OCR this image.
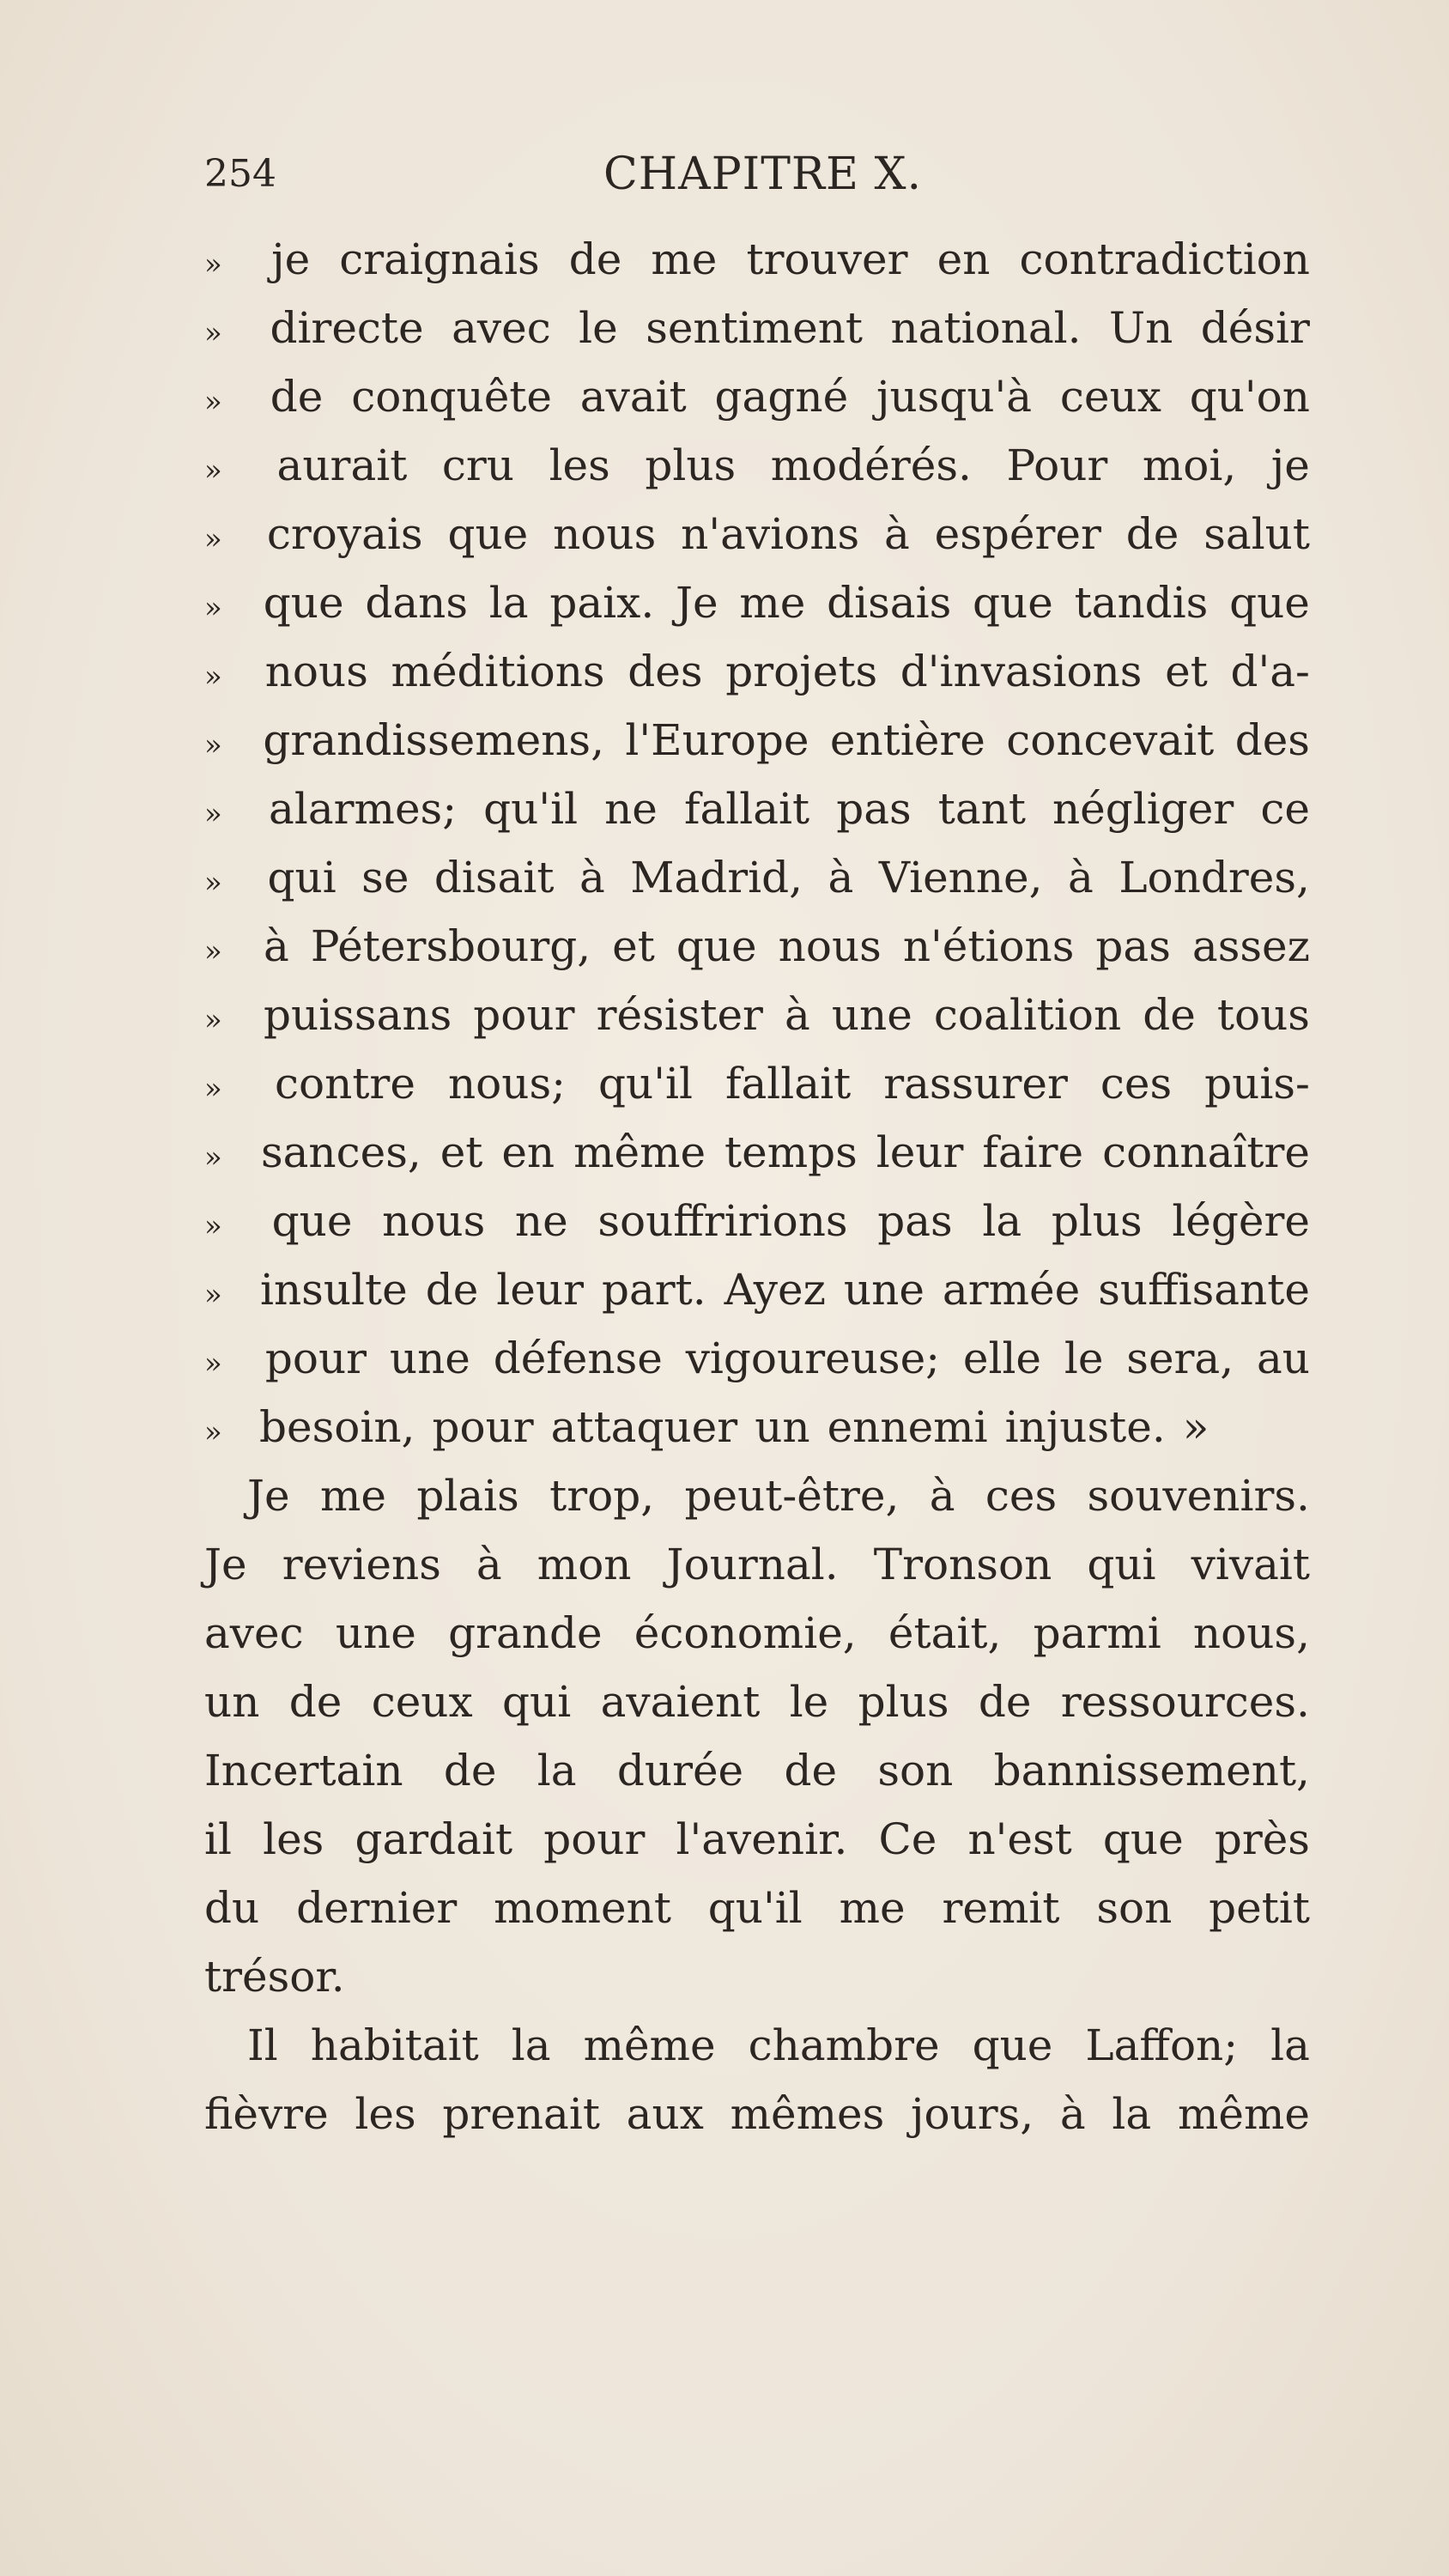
254	CHAPITRE X.
»	je craignais de me trouver en contradiction
»	directe avec le sentiment national. Un désir
»	de conquête avait gagné jusqu'à ceux qu'on
»	aurait cru les plus modérés. Pour moi, je
»	croyais que nous n'avions à espérer de salut
» que dans la paix. Je me disais que tandis que
» nous méditions des projets d'invasions et d'a-
» grandissemens, l'Europe entière concevait des
»	alarmes; qu'il ne fallait pas tant négliger ce
»	qui se disait à Madrid, à Vienne, à Londres,
» à Pétersbourg, et que nous n'étions pas assez
» puissans pour résister à une coalition de tous
»	contre nous; qu'il fallait rassurer ces puis-
» sances, et en même temps leur faire connaître
»	que nous ne souffririons pas la plus légère
» insulte de leur part. Ayez une armée suffisante
»	pour une défense vigoureuse; elle le sera, au
» besoin, pour attaquer un ennemi injuste. »
Je me plais trop, peut-être, à ces souvenirs.
Je reviens à mon Journal. Tronson qui vivait
avec une grande économie, était, parmi nous,
un de ceux qui avaient le plus de ressources.
Incertain de la durée de son bannissement,
il les gardait pour l'avenir. Ce n'est que près
du dernier moment qu'il me remit son petit
trésor.
Il habitait la même chambre que Laffon; la
fièvre les prenait aux mêmes jours, à la même
